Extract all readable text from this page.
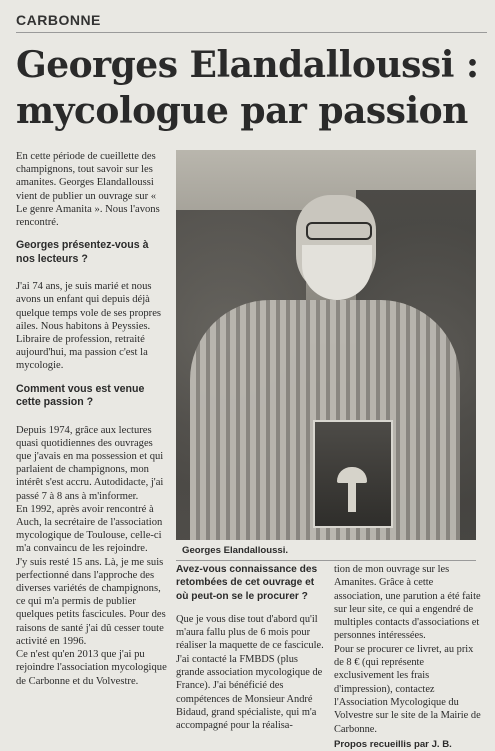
CARBONNE
Georges Elandalloussi :
mycologue par passion

En cette période de cueillette des champignons, tout savoir sur les amanites. Georges Elandalloussi vient de publier un ouvrage sur « Le genre Amanita ». Nous l'avons rencontré.

Georges présentez-vous à nos lecteurs ?

J'ai 74 ans, je suis marié et nous avons un enfant qui depuis déjà quelque temps vole de ses propres ailes. Nous habitons à Peyssies. Libraire de profession, retraité aujourd'hui, ma passion c'est la mycologie.

Comment vous est venue cette passion ?

Depuis 1974, grâce aux lectures quasi quotidiennes des ouvrages que j'avais en ma possession et qui parlaient de champignons, mon intérêt s'est accru. Autodidacte, j'ai passé 7 à 8 ans à m'informer.

En 1992, après avoir rencontré à Auch, la secrétaire de l'association mycologique de Toulouse, celle-ci m'a convaincu de les rejoindre.

J'y suis resté 15 ans. Là, je me suis perfectionné dans l'approche des diverses variétés de champignons, ce qui m'a permis de publier quelques petits fascicules. Pour des raisons de santé j'ai dû cesser toute activité en 1996.

Ce n'est qu'en 2013 que j'ai pu rejoindre l'association mycologique de Carbonne et du Volvestre.

Georges Elandalloussi.

Avez-vous connaissance des retombées de cet ouvrage et où peut-on se le procurer ?

Que je vous dise tout d'abord qu'il m'aura fallu plus de 6 mois pour réaliser la maquette de ce fascicule. J'ai contacté la FMBDS (plus grande association mycologique de France). J'ai bénéficié des compétences de Monsieur André Bidaud, grand spécialiste, qui m'a accompagné pour la réalisa-

tion de mon ouvrage sur les Amanites. Grâce à cette association, une parution a été faite sur leur site, ce qui a engendré de multiples contacts d'associations et personnes intéressées.

Pour se procurer ce livret, au prix de 8 € (qui représente exclusivement les frais d'impression), contactez l'Association Mycologique du Volvestre sur le site de la Mairie de Carbonne.

Propos recueillis par J. B.
